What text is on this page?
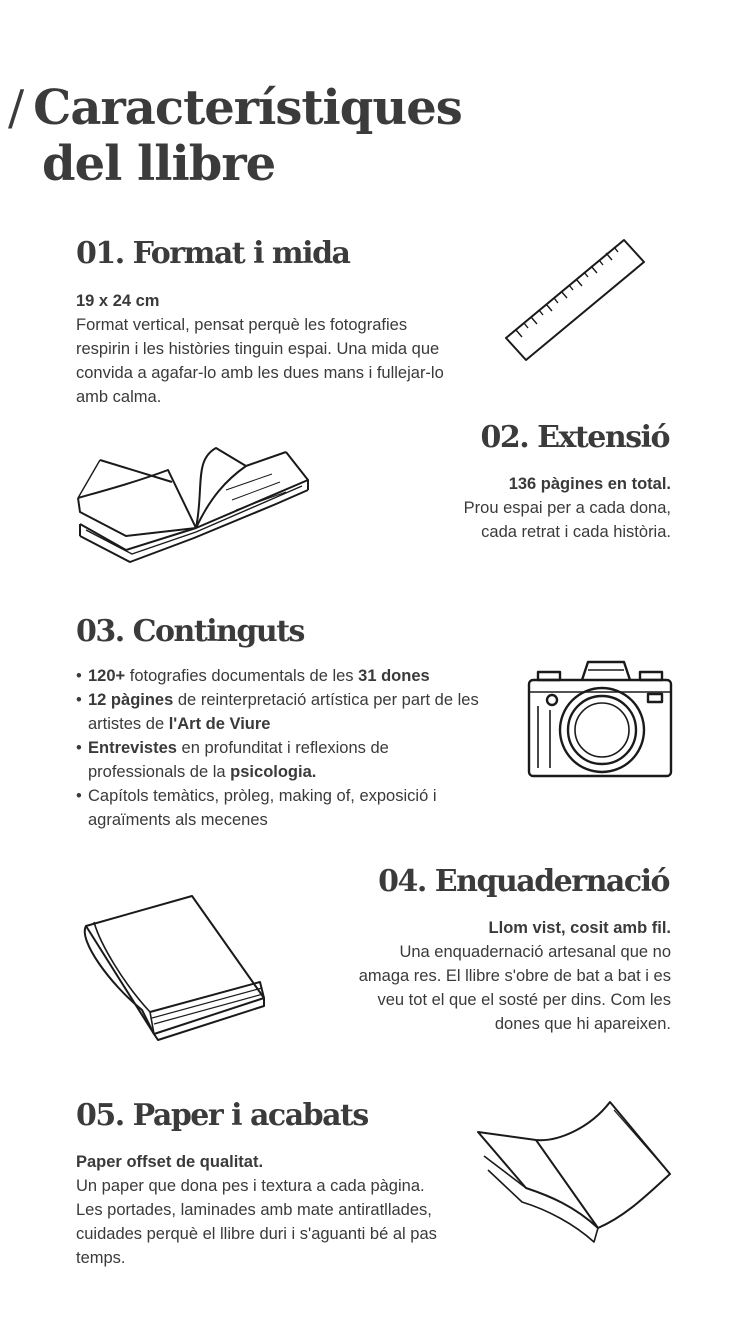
/ Característiques
del llibre
01. Format i mida
19 x 24 cm
Format vertical, pensat perquè les fotografies
respirin i les històries tinguin espai. Una mida que
convida a agafar-lo amb les dues mans i fullejar-lo
amb calma.
02. Extensió
136 pàgines en total.
Prou espai per a cada dona,
cada retrat i cada història.
03. Continguts
• 120+ fotografies documentals de les 31 dones
• 12 pàgines de reinterpretació artística per part de les artistes de l'Art de Viure
• Entrevistes en profunditat i reflexions de professionals de la psicologia.
• Capítols temàtics, pròleg, making of, exposició i agraïments als mecenes
04. Enquadernació
Llom vist, cosit amb fil.
Una enquadernació artesanal que no
amaga res. El llibre s'obre de bat a bat i es
veu tot el que el sosté per dins. Com les
dones que hi apareixen.
05. Paper i acabats
Paper offset de qualitat.
Un paper que dona pes i textura a cada pàgina.
Les portades, laminades amb mate antiratllades,
cuidades perquè el llibre duri i s'aguanti bé al pas
temps.
